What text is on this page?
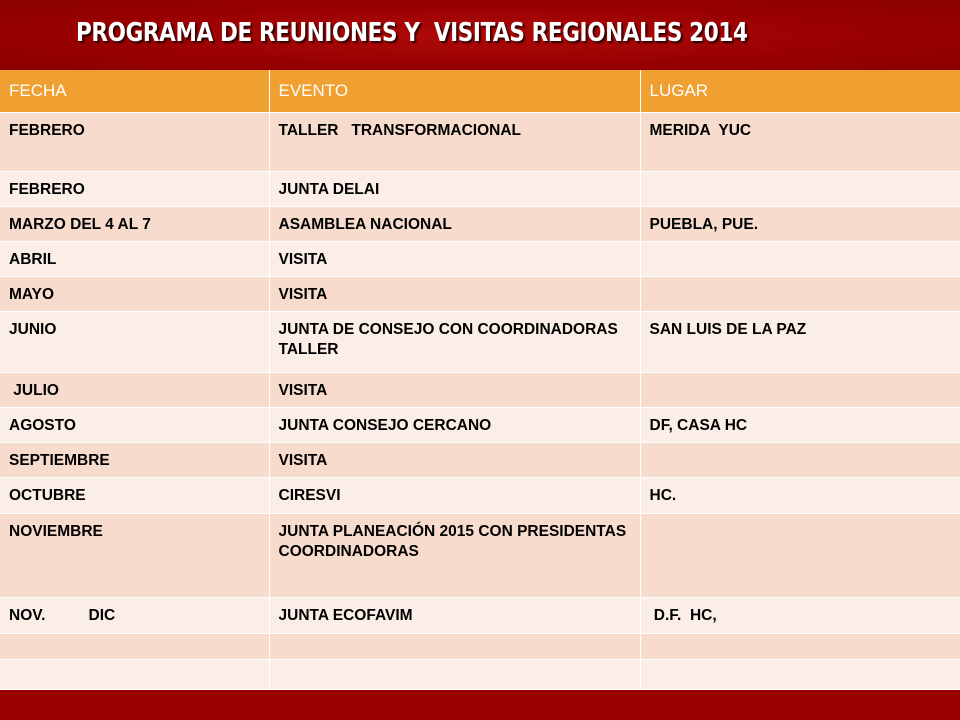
PROGRAMA DE REUNIONES Y  VISITAS REGIONALES 2014
FECHA	EVENTO	LUGAR
FEBRERO	TALLER   TRANSFORMACIONAL	MERIDA  YUC
FEBRERO	JUNTA DELAI	
MARZO DEL 4 AL 7	ASAMBLEA NACIONAL	PUEBLA, PUE.
ABRIL	VISITA	
MAYO	VISITA	
JUNIO	JUNTA DE CONSEJO CON COORDINADORAS TALLER	SAN LUIS DE LA PAZ
JULIO	VISITA	
AGOSTO	JUNTA CONSEJO CERCANO	DF, CASA HC
SEPTIEMBRE	VISITA	
OCTUBRE	CIRESVI	HC.
NOVIEMBRE	JUNTA PLANEACIÓN 2015 CON PRESIDENTAS COORDINADORAS	
NOV.          DIC	JUNTA ECOFAVIM	D.F.  HC,
